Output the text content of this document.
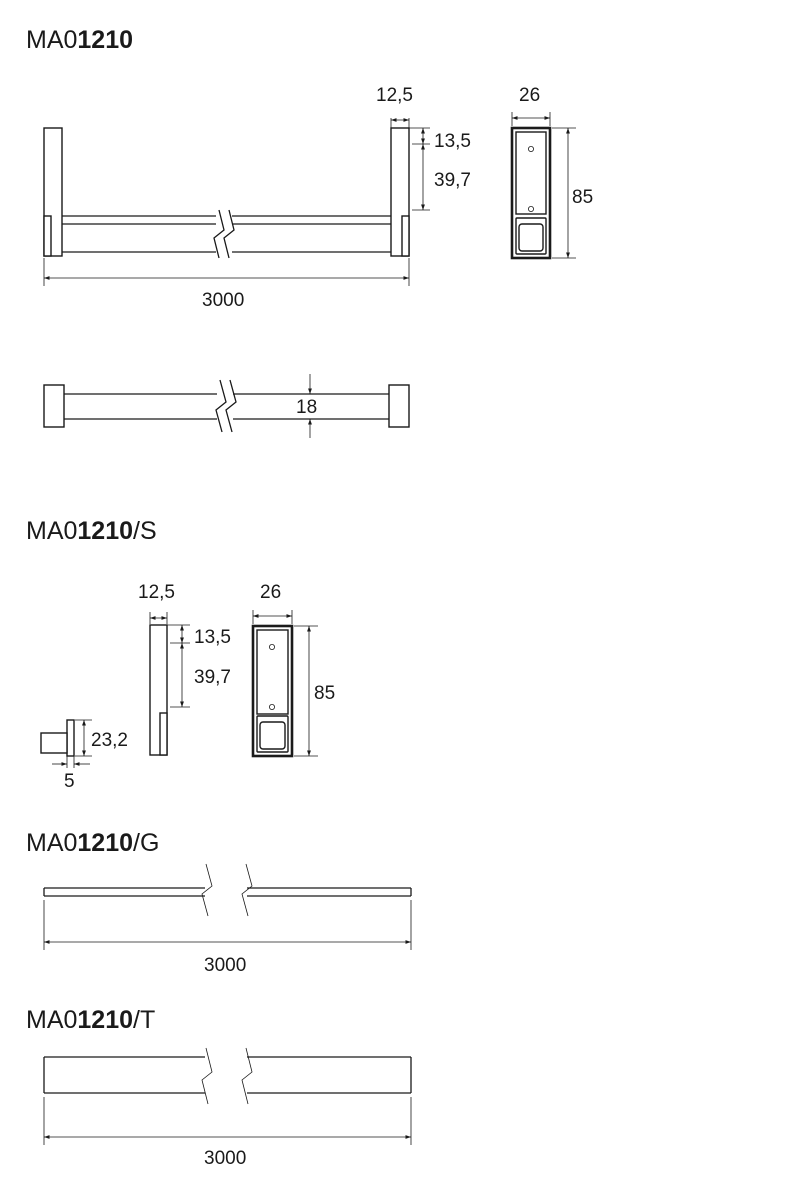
MA01210
12,5
13,5
39,7
3000
26
85
18
MA01210/S
23,2
5
12,5
13,5
39,7
26
85
MA01210/G
3000
MA01210/T
3000
